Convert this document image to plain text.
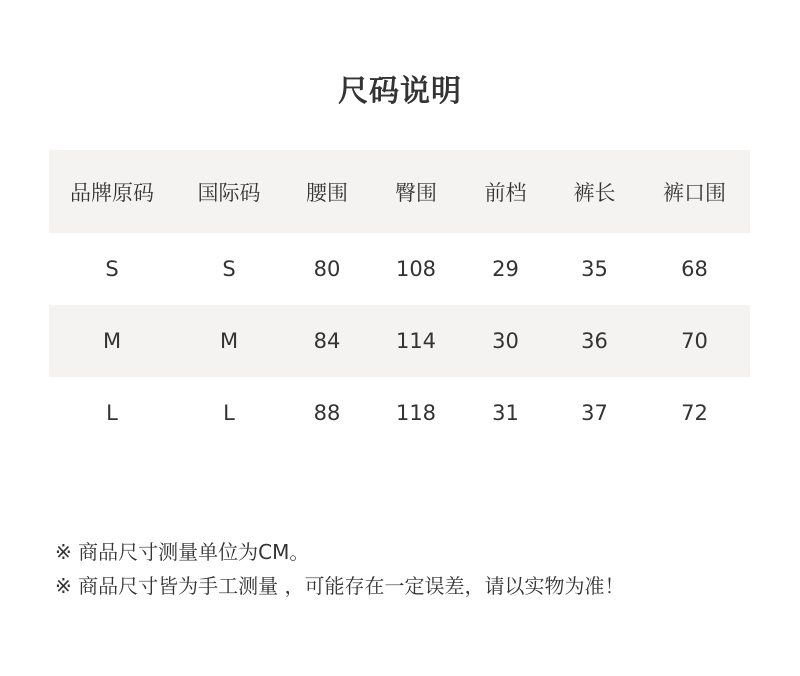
尺码说明
品牌原码	国际码	腰围	臀围	前档	裤长	裤口围
S	S	80	108	29	35	68
M	M	84	114	30	36	70
L	L	88	118	31	37	72
※ 商品尺寸测量单位为CM。
※ 商品尺寸皆为手工测量 ，可能存在一定误差，请以实物为准！
